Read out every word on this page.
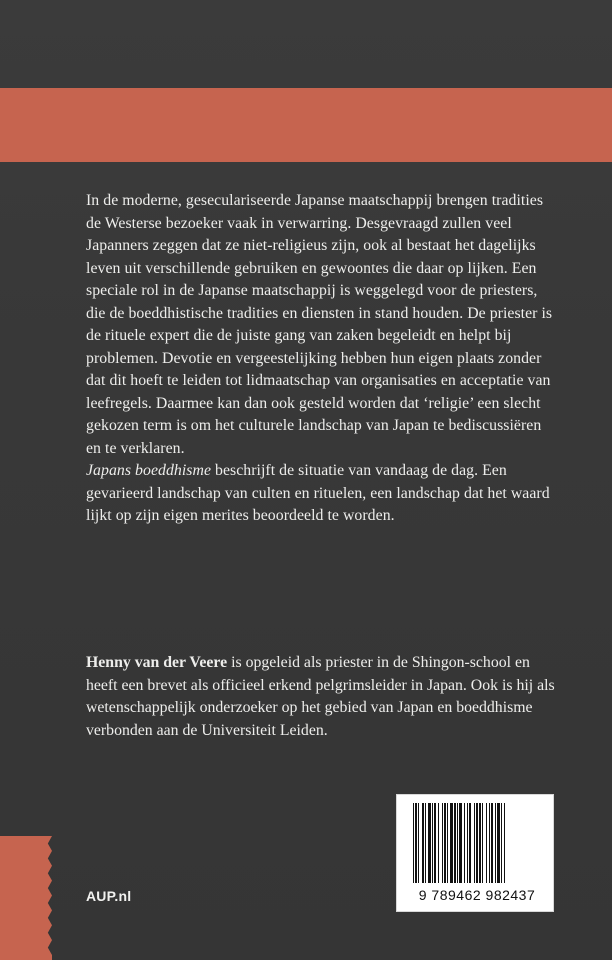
In de moderne, geseculariseerde Japanse maatschappij brengen tradities de Westerse bezoeker vaak in verwarring. Desgevraagd zullen veel Japanners zeggen dat ze niet-religieus zijn, ook al bestaat het dagelijks leven uit verschillende gebruiken en gewoontes die daar op lijken. Een speciale rol in de Japanse maatschappij is weggelegd voor de priesters, die de boeddhistische tradities en diensten in stand houden. De priester is de rituele expert die de juiste gang van zaken begeleidt en helpt bij problemen. Devotie en vergeestelijking hebben hun eigen plaats zonder dat dit hoeft te leiden tot lidmaatschap van organisaties en acceptatie van leefregels. Daarmee kan dan ook gesteld worden dat ‘religie’ een slecht gekozen term is om het culturele landschap van Japan te bediscussiëren en te verklaren.

Japans boeddhisme beschrijft de situatie van vandaag de dag. Een gevarieerd landschap van culten en rituelen, een landschap dat het waard lijkt op zijn eigen merites beoordeeld te worden.

Henny van der Veere is opgeleid als priester in de Shingon-school en heeft een brevet als officieel erkend pelgrimsleider in Japan. Ook is hij als wetenschappelijk onderzoeker op het gebied van Japan en boeddhisme verbonden aan de Universiteit Leiden.

AUP.nl	9 789462 982437
